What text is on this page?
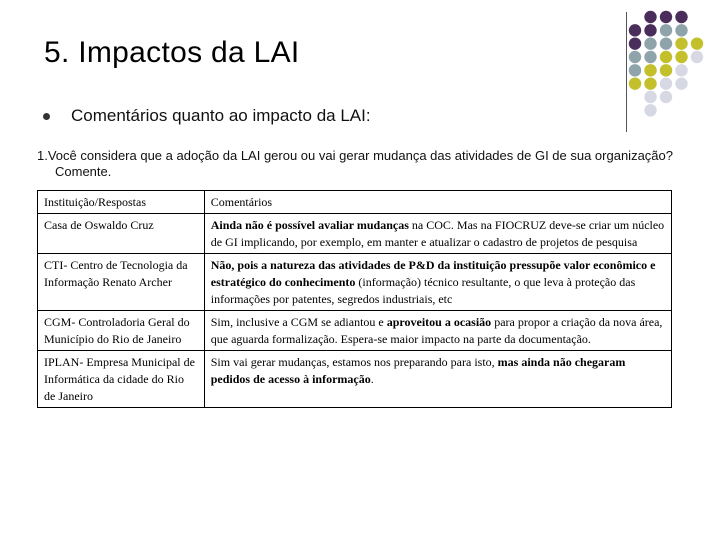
5. Impactos da LAI
Comentários quanto ao impacto da LAI:
1.Você considera que a adoção da LAI gerou ou vai gerar mudança das atividades de GI de sua organização?
Comente.
Instituição/Respostas	Comentários
Casa de Oswaldo Cruz	Ainda não é possível avaliar mudanças na COC. Mas na FIOCRUZ deve-se criar um núcleo de GI implicando, por exemplo, em manter e atualizar o cadastro de projetos de pesquisa
CTI- Centro de Tecnologia da Informação Renato Archer	Não, pois a natureza das atividades de P&D da instituição pressupõe valor econômico e estratégico do conhecimento (informação) técnico resultante, o que leva à proteção das informações por patentes, segredos industriais, etc
CGM- Controladoria Geral do Município do Rio de Janeiro	Sim, inclusive a CGM se adiantou e aproveitou a ocasião para propor a criação da nova área, que aguarda formalização. Espera-se maior impacto na parte da documentação.
IPLAN- Empresa Municipal de Informática da cidade do Rio de Janeiro	Sim vai gerar mudanças, estamos nos preparando para isto, mas ainda não chegaram pedidos de acesso à informação.
